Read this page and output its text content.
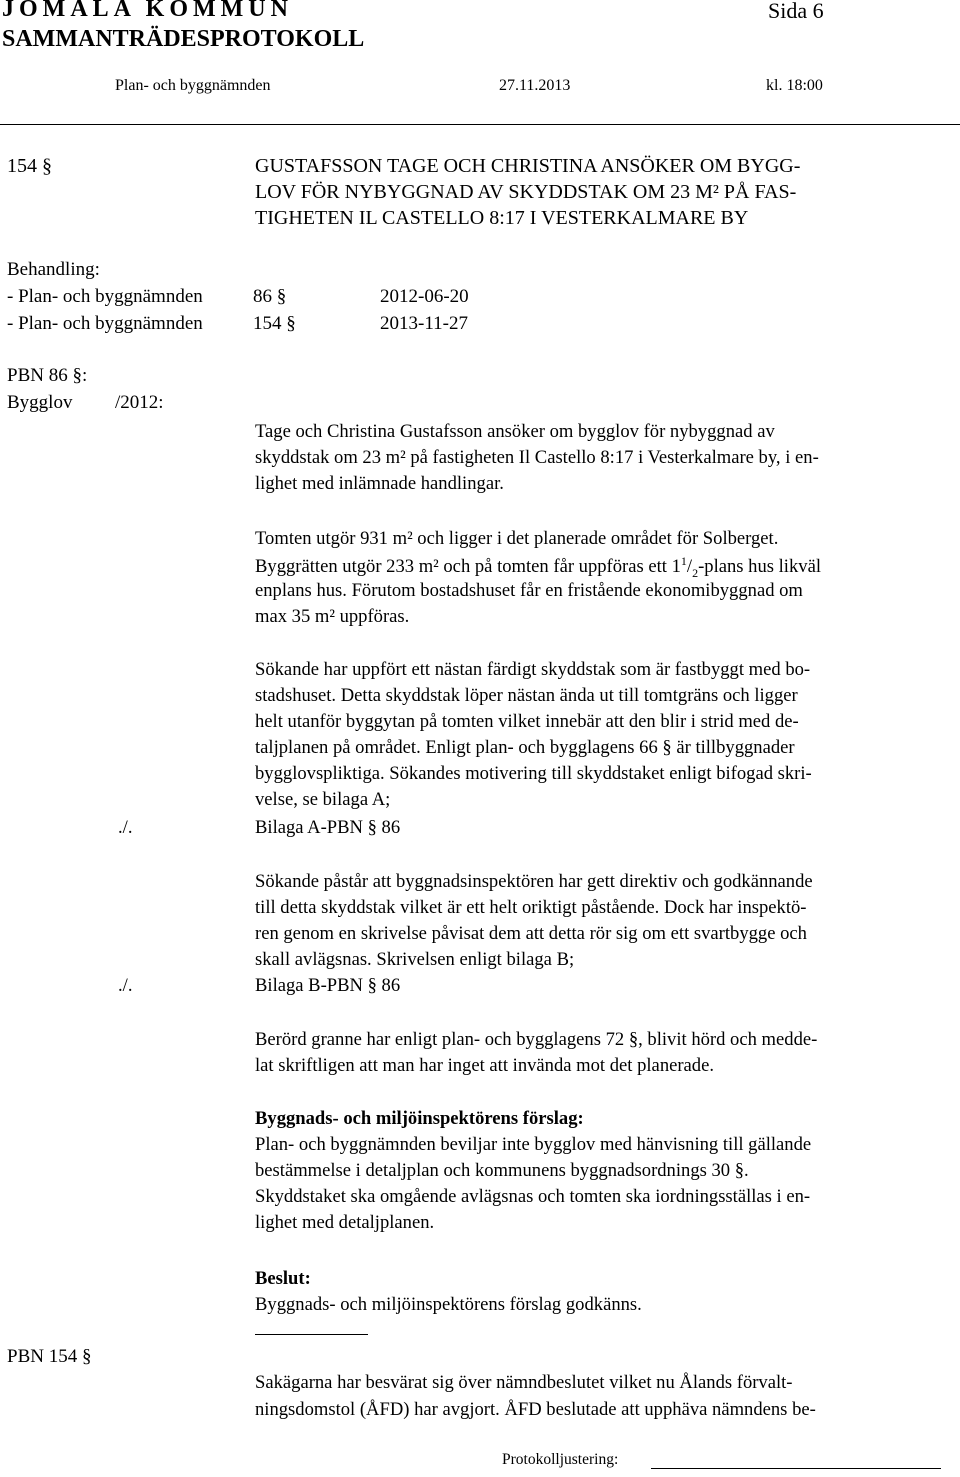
JOMALA KOMMUN
SAMMANTRÄDESPROTOKOLL
Sida 6
Plan- och byggnämnden	27.11.2013	kl. 18:00
154 §	GUSTAFSSON TAGE OCH CHRISTINA ANSÖKER OM BYGG-
LOV FÖR NYBYGGNAD AV SKYDDSTAK OM 23 M² PÅ FAS-
TIGHETEN IL CASTELLO 8:17 I VESTERKALMARE BY
Behandling:
- Plan- och byggnämnden	86 §	2012-06-20
- Plan- och byggnämnden	154 §	2013-11-27
PBN 86 §:
Bygglov /2012:
Tage och Christina Gustafsson ansöker om bygglov för nybyggnad av
skyddstak om 23 m² på fastigheten Il Castello 8:17 i Vesterkalmare by, i en-
lighet med inlämnade handlingar.
Tomten utgör 931 m² och ligger i det planerade området för Solberget.
Byggrätten utgör 233 m² och på tomten får uppföras ett $1^1/_2$-plans hus likväl
enplans hus. Förutom bostadshuset får en fristående ekonomibyggnad om
max 35 m² uppföras.
Sökande har uppfört ett nästan färdigt skyddstak som är fastbyggt med bo-
stadshuset. Detta skyddstak löper nästan ända ut till tomtgräns och ligger
helt utanför byggytan på tomten vilket innebär att den blir i strid med de-
taljplanen på området. Enligt plan- och bygglagens 66 § är tillbyggnader
bygglovspliktiga. Sökandes motivering till skyddstaket enligt bifogad skri-
velse, se bilaga A;
./.	Bilaga A-PBN § 86
Sökande påstår att byggnadsinspektören har gett direktiv och godkännande
till detta skyddstak vilket är ett helt oriktigt påstående. Dock har inspektö-
ren genom en skrivelse påvisat dem att detta rör sig om ett svartbygge och
skall avlägsnas. Skrivelsen enligt bilaga B;
./.	Bilaga B-PBN § 86
Berörd granne har enligt plan- och bygglagens 72 §, blivit hörd och medde-
lat skriftligen att man har inget att invända mot det planerade.
Byggnads- och miljöinspektörens förslag:
Plan- och byggnämnden beviljar inte bygglov med hänvisning till gällande
bestämmelse i detaljplan och kommunens byggnadsordnings 30 §.
Skyddstaket ska omgående avlägsnas och tomten ska iordningsställas i en-
lighet med detaljplanen.
Beslut:
Byggnads- och miljöinspektörens förslag godkänns.
PBN 154 §
Sakägarna har besvärat sig över nämndbeslutet vilket nu Ålands förvalt-
ningsdomstol (ÅFD) har avgjort. ÅFD beslutade att upphäva nämndens be-
Protokolljustering:
